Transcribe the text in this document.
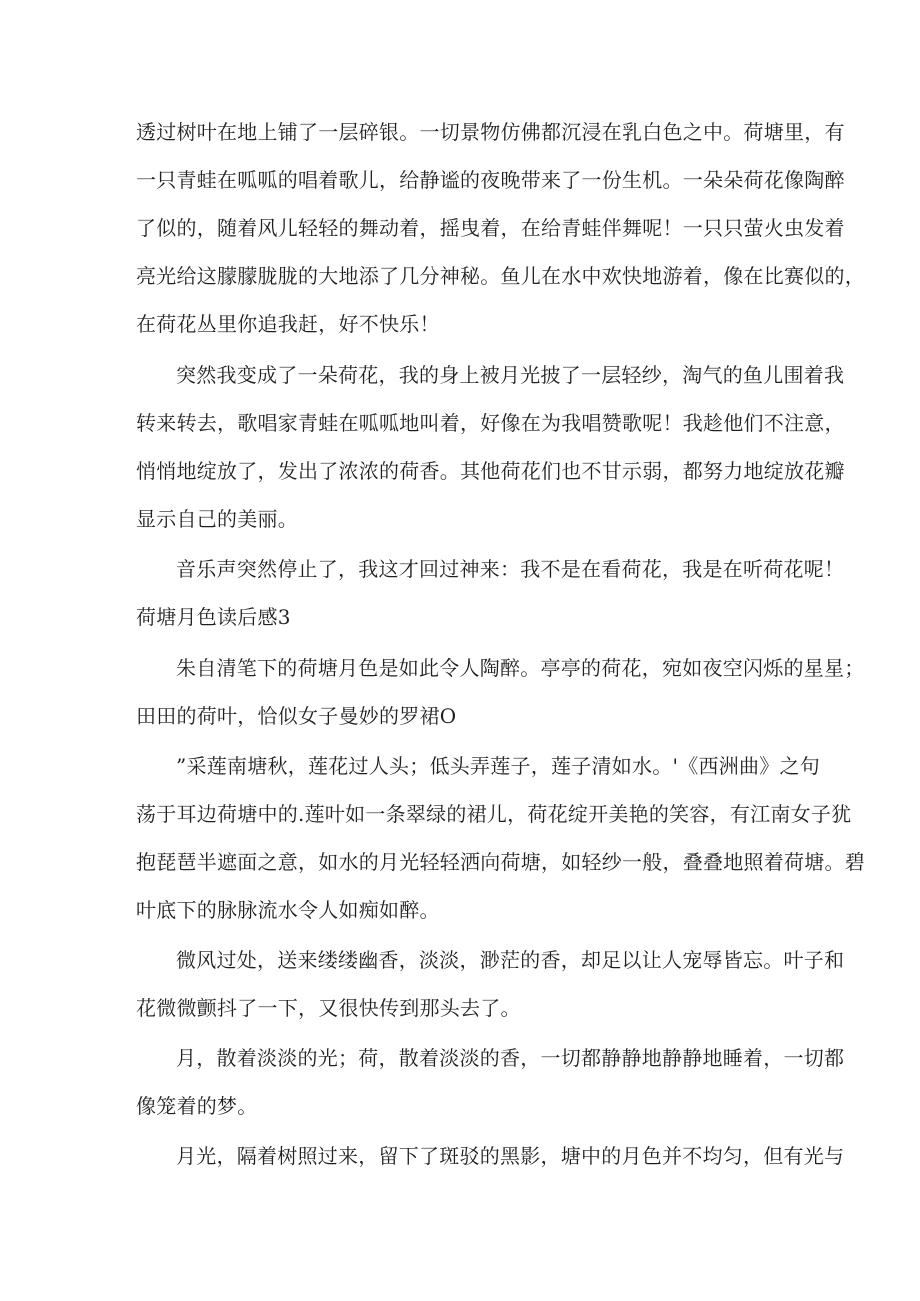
透过树叶在地上铺了一层碎银。一切景物仿佛都沉浸在乳白色之中。荷塘里，有
一只青蛙在呱呱的唱着歌儿，给静谧的夜晚带来了一份生机。一朵朵荷花像陶醉
了似的，随着风儿轻轻的舞动着，摇曳着，在给青蛙伴舞呢！一只只萤火虫发着
亮光给这朦朦胧胧的大地添了几分神秘。鱼儿在水中欢快地游着，像在比赛似的，
在荷花丛里你追我赶，好不快乐！
突然我变成了一朵荷花，我的身上被月光披了一层轻纱，淘气的鱼儿围着我
转来转去，歌唱家青蛙在呱呱地叫着，好像在为我唱赞歌呢！我趁他们不注意，
悄悄地绽放了，发出了浓浓的荷香。其他荷花们也不甘示弱，都努力地绽放花瓣
显示自己的美丽。
音乐声突然停止了，我这才回过神来：我不是在看荷花，我是在听荷花呢！
荷塘月色读后感3
朱自清笔下的荷塘月色是如此令人陶醉。亭亭的荷花，宛如夜空闪烁的星星；
田田的荷叶，恰似女子曼妙的罗裙O
”采莲南塘秋，莲花过人头；低头弄莲子，莲子清如水。'《西洲曲》之句
荡于耳边荷塘中的.莲叶如一条翠绿的裙儿，荷花绽开美艳的笑容，有江南女子犹
抱琵琶半遮面之意，如水的月光轻轻洒向荷塘，如轻纱一般，叠叠地照着荷塘。碧
叶底下的脉脉流水令人如痴如醉。
微风过处，送来缕缕幽香，淡淡，渺茫的香，却足以让人宠辱皆忘。叶子和
花微微颤抖了一下，又很快传到那头去了。
月，散着淡淡的光；荷，散着淡淡的香，一切都静静地静静地睡着，一切都
像笼着的梦。
月光，隔着树照过来，留下了斑驳的黑影，塘中的月色并不均匀，但有光与
